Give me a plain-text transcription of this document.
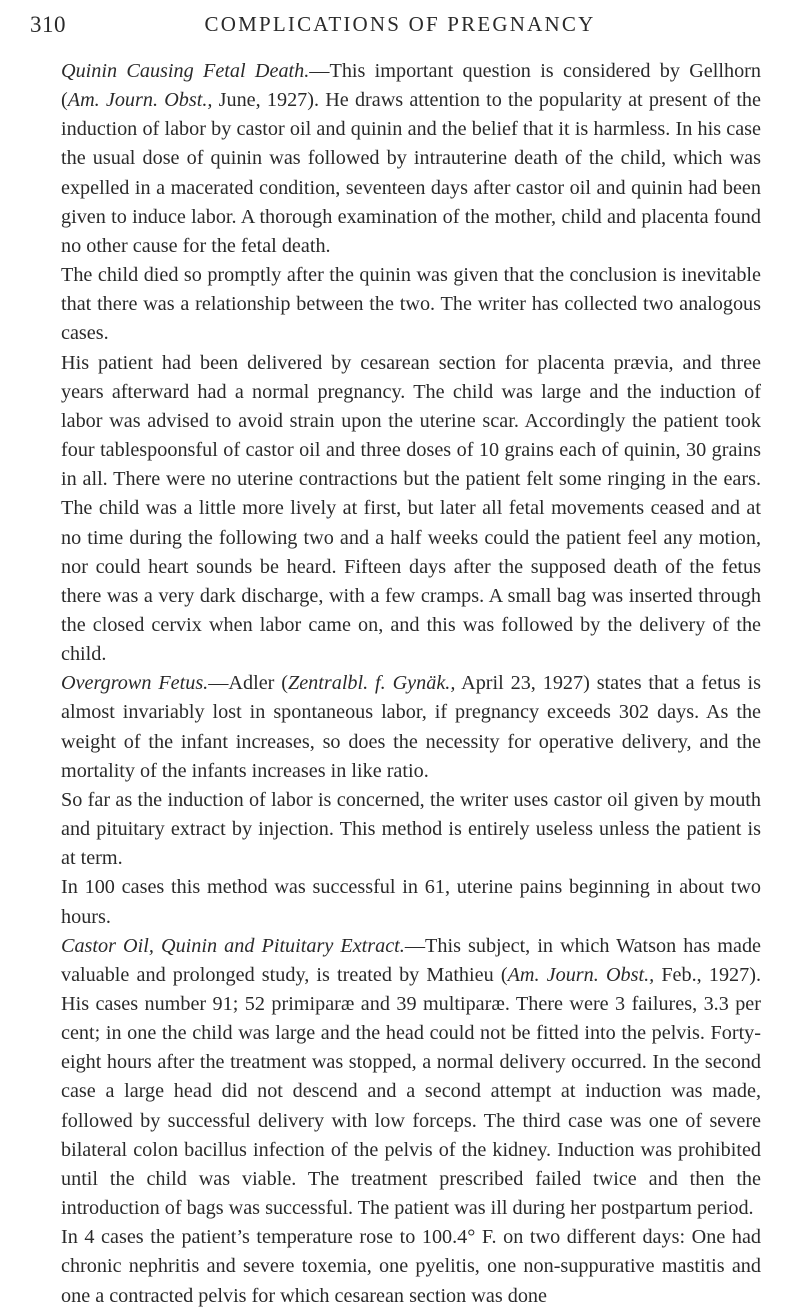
310	COMPLICATIONS OF PREGNANCY

Quinin Causing Fetal Death.—This important question is considered by Gellhorn (Am. Journ. Obst., June, 1927). He draws attention to the popularity at present of the induction of labor by castor oil and quinin and the belief that it is harmless. In his case the usual dose of quinin was followed by intrauterine death of the child, which was expelled in a macerated condition, seventeen days after castor oil and quinin had been given to induce labor. A thorough examination of the mother, child and placenta found no other cause for the fetal death.

The child died so promptly after the quinin was given that the conclusion is inevitable that there was a relationship between the two. The writer has collected two analogous cases.

His patient had been delivered by cesarean section for placenta prævia, and three years afterward had a normal pregnancy. The child was large and the induction of labor was advised to avoid strain upon the uterine scar. Accordingly the patient took four tablespoonsful of castor oil and three doses of 10 grains each of quinin, 30 grains in all. There were no uterine contractions but the patient felt some ringing in the ears. The child was a little more lively at first, but later all fetal movements ceased and at no time during the following two and a half weeks could the patient feel any motion, nor could heart sounds be heard. Fifteen days after the supposed death of the fetus there was a very dark discharge, with a few cramps. A small bag was inserted through the closed cervix when labor came on, and this was followed by the delivery of the child.

Overgrown Fetus.—Adler (Zentralbl. f. Gynäk., April 23, 1927) states that a fetus is almost invariably lost in spontaneous labor, if pregnancy exceeds 302 days. As the weight of the infant increases, so does the necessity for operative delivery, and the mortality of the infants increases in like ratio.

So far as the induction of labor is concerned, the writer uses castor oil given by mouth and pituitary extract by injection. This method is entirely useless unless the patient is at term.

In 100 cases this method was successful in 61, uterine pains beginning in about two hours.

Castor Oil, Quinin and Pituitary Extract.—This subject, in which Watson has made valuable and prolonged study, is treated by Mathieu (Am. Journ. Obst., Feb., 1927). His cases number 91; 52 primiparæ and 39 multiparæ. There were 3 failures, 3.3 per cent; in one the child was large and the head could not be fitted into the pelvis. Forty-eight hours after the treatment was stopped, a normal delivery occurred. In the second case a large head did not descend and a second attempt at induction was made, followed by successful delivery with low forceps. The third case was one of severe bilateral colon bacillus infection of the pelvis of the kidney. Induction was prohibited until the child was viable. The treatment prescribed failed twice and then the introduction of bags was successful. The patient was ill during her postpartum period.

In 4 cases the patient’s temperature rose to 100.4° F. on two different days: One had chronic nephritis and severe toxemia, one pyelitis, one non-suppurative mastitis and one a contracted pelvis for which cesarean section was done
